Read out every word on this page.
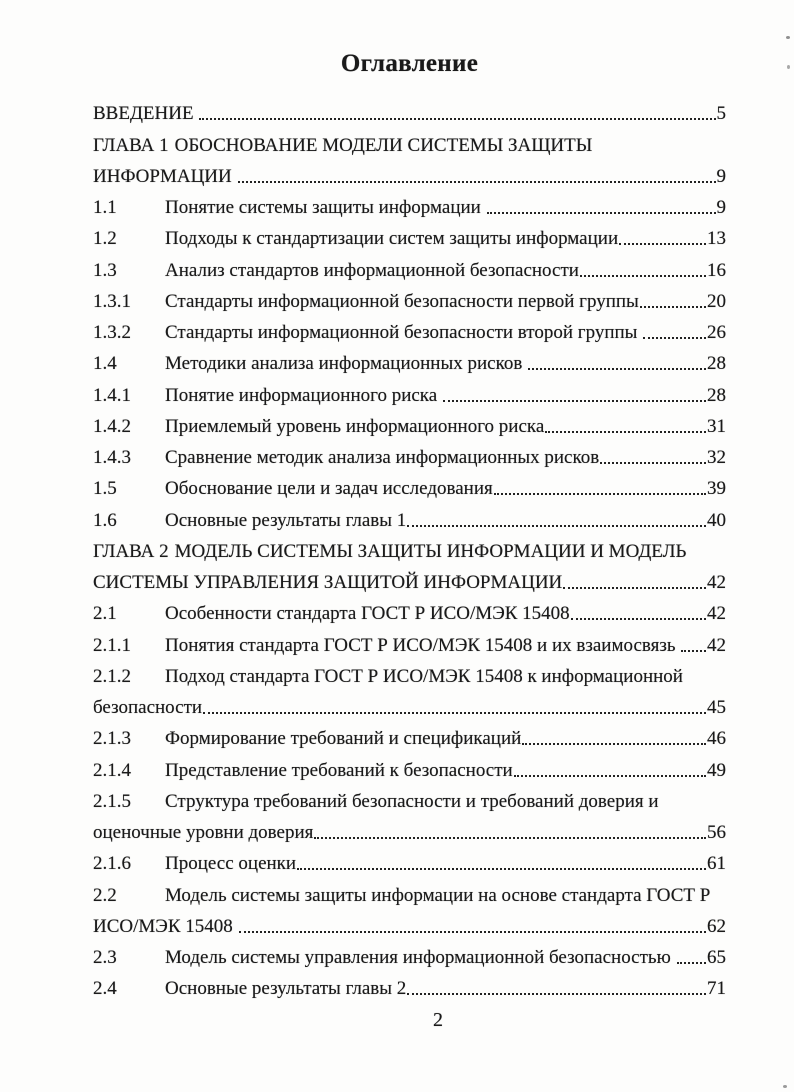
Оглавление
ВВЕДЕНИЕ	5
ГЛАВА 1 ОБОСНОВАНИЕ МОДЕЛИ СИСТЕМЫ ЗАЩИТЫ
ИНФОРМАЦИИ	9
1.1	Понятие системы защиты информации	9
1.2	Подходы к стандартизации систем защиты информации	13
1.3	Анализ стандартов информационной безопасности	16
1.3.1	Стандарты информационной безопасности первой группы	20
1.3.2	Стандарты информационной безопасности второй группы	26
1.4	Методики анализа информационных рисков	28
1.4.1	Понятие информационного риска	28
1.4.2	Приемлемый уровень информационного риска	31
1.4.3	Сравнение методик анализа информационных рисков	32
1.5	Обоснование цели и задач исследования	39
1.6	Основные результаты главы 1	40
ГЛАВА 2 МОДЕЛЬ СИСТЕМЫ ЗАЩИТЫ ИНФОРМАЦИИ И МОДЕЛЬ
СИСТЕМЫ УПРАВЛЕНИЯ ЗАЩИТОЙ ИНФОРМАЦИИ	42
2.1	Особенности стандарта ГОСТ Р ИСО/МЭК 15408	42
2.1.1	Понятия стандарта ГОСТ Р ИСО/МЭК 15408 и их взаимосвязь 42
2.1.2	Подход стандарта ГОСТ Р ИСО/МЭК 15408 к информационной
безопасности	45
2.1.3	Формирование требований и спецификаций	46
2.1.4	Представление требований к безопасности	49
2.1.5	Структура требований безопасности и требований доверия и
оценочные уровни доверия	56
2.1.6	Процесс оценки	61
2.2	Модель системы защиты информации на основе стандарта ГОСТ Р
ИСО/МЭК 15408	62
2.3	Модель системы управления информационной безопасностью 65
2.4	Основные результаты главы 2	71
2
